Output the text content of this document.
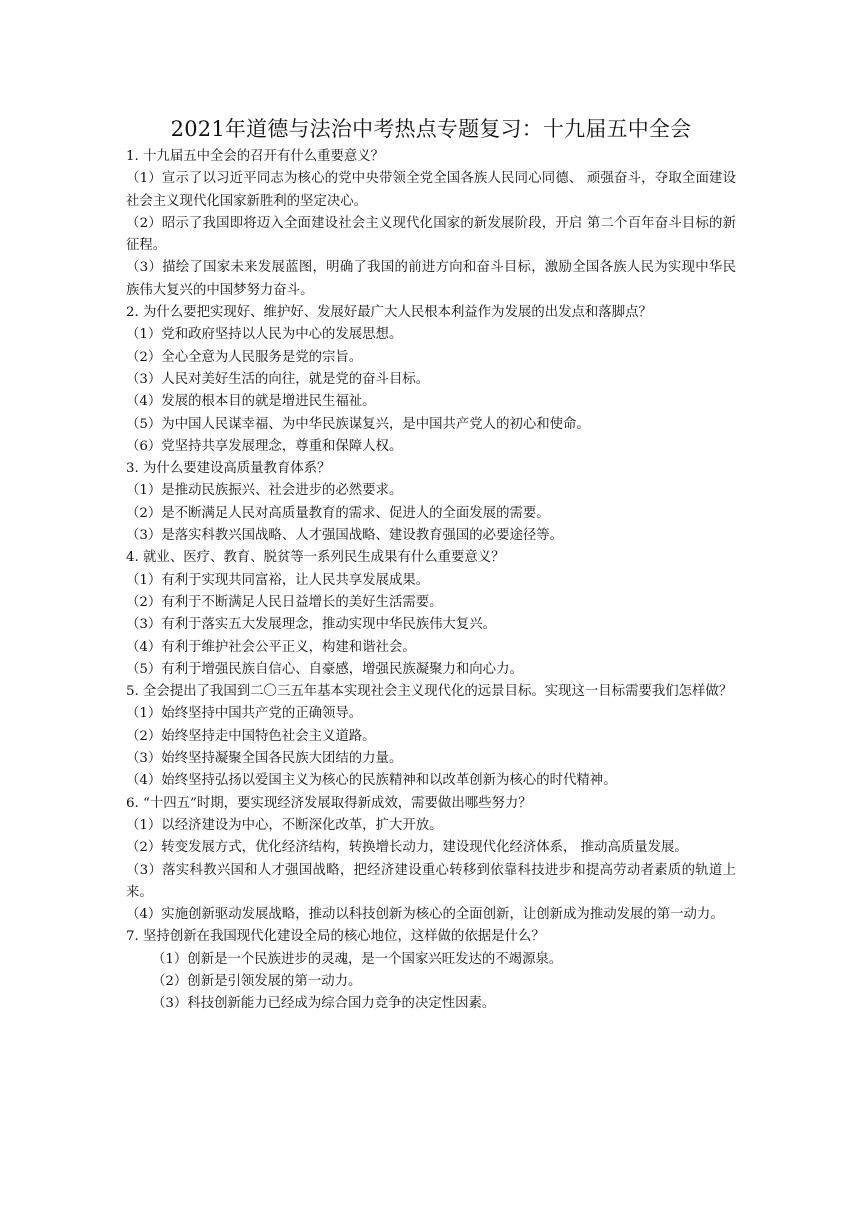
2021年道德与法治中考热点专题复习：十九届五中全会

1. 十九届五中全会的召开有什么重要意义？

（1）宣示了以习近平同志为核心的党中央带领全党全国各族人民同心同德、 顽强奋斗，夺取全面建设社会主义现代化国家新胜利的坚定决心。

（2）昭示了我国即将迈入全面建设社会主义现代化国家的新发展阶段，开启 第二个百年奋斗目标的新征程。

（3）描绘了国家未来发展蓝图，明确了我国的前进方向和奋斗目标，激励全国各族人民为实现中华民族伟大复兴的中国梦努力奋斗。

2. 为什么要把实现好、维护好、发展好最广大人民根本利益作为发展的出发点和落脚点？

（1）党和政府坚持以人民为中心的发展思想。

（2）全心全意为人民服务是党的宗旨。

（3）人民对美好生活的向往，就是党的奋斗目标。

（4）发展的根本目的就是增进民生福祉。

（5）为中国人民谋幸福、为中华民族谋复兴，是中国共产党人的初心和使命。

（6）党坚持共享发展理念，尊重和保障人权。

3. 为什么要建设高质量教育体系？

（1）是推动民族振兴、社会进步的必然要求。

（2）是不断满足人民对高质量教育的需求、促进人的全面发展的需要。

（3）是落实科教兴国战略、人才强国战略、建设教育强国的必要途径等。

4. 就业、医疗、教育、脱贫等一系列民生成果有什么重要意义？

（1）有利于实现共同富裕，让人民共享发展成果。

（2）有利于不断满足人民日益增长的美好生活需要。

（3）有利于落实五大发展理念，推动实现中华民族伟大复兴。

（4）有利于维护社会公平正义，构建和谐社会。

（5）有利于增强民族自信心、自豪感，增强民族凝聚力和向心力。

5. 全会提出了我国到二〇三五年基本实现社会主义现代化的远景目标。实现这一目标需要我们怎样做？

（1）始终坚持中国共产党的正确领导。

（2）始终坚持走中国特色社会主义道路。

（3）始终坚持凝聚全国各民族大团结的力量。

（4）始终坚持弘扬以爱国主义为核心的民族精神和以改革创新为核心的时代精神。

6. “十四五”时期，要实现经济发展取得新成效，需要做出哪些努力？

（1）以经济建设为中心，不断深化改革，扩大开放。

（2）转变发展方式，优化经济结构，转换增长动力，建设现代化经济体系， 推动高质量发展。

（3）落实科教兴国和人才强国战略，把经济建设重心转移到依靠科技进步和提高劳动者素质的轨道上来。

（4）实施创新驱动发展战略，推动以科技创新为核心的全面创新，让创新成为推动发展的第一动力。

7. 坚持创新在我国现代化建设全局的核心地位，这样做的依据是什么？

（1）创新是一个民族进步的灵魂，是一个国家兴旺发达的不竭源泉。

（2）创新是引领发展的第一动力。

（3）科技创新能力已经成为综合国力竞争的决定性因素。
